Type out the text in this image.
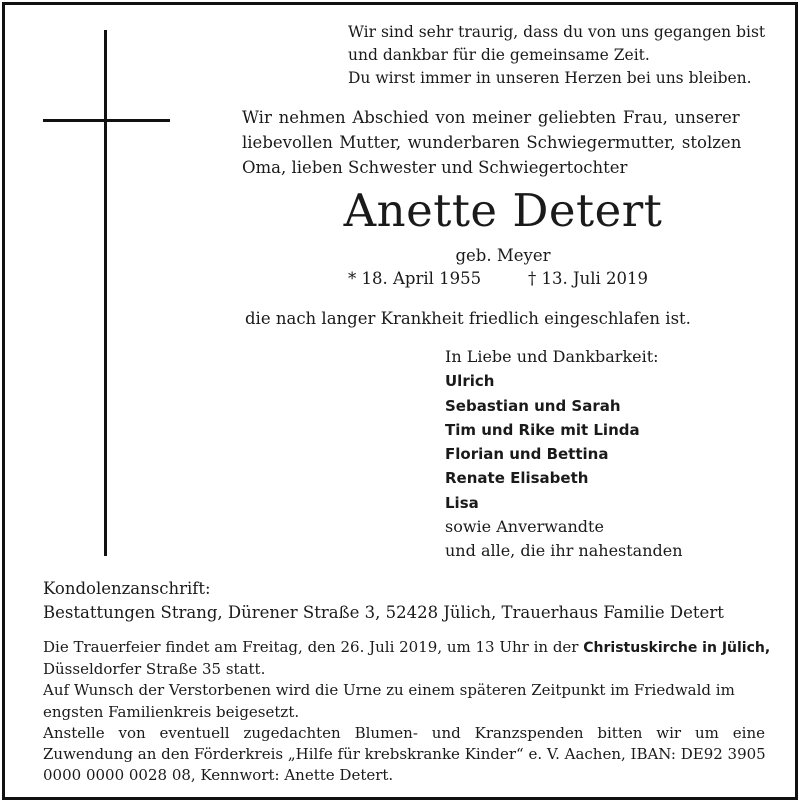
Wir sind sehr traurig, dass du von uns gegangen bist
und dankbar für die gemeinsame Zeit.
Du wirst immer in unseren Herzen bei uns bleiben.
Wir nehmen Abschied von meiner geliebten Frau, unserer
liebevollen Mutter, wunderbaren Schwiegermutter, stolzen
Oma, lieben Schwester und Schwiegertochter
Anette Detert
geb. Meyer
* 18. April 1955	† 13. Juli 2019
die nach langer Krankheit friedlich eingeschlafen ist.
In Liebe und Dankbarkeit:
Ulrich
Sebastian und Sarah
Tim und Rike mit Linda
Florian und Bettina
Renate Elisabeth
Lisa
sowie Anverwandte
und alle, die ihr nahestanden
Kondolenzanschrift:
Bestattungen Strang, Dürener Straße 3, 52428 Jülich, Trauerhaus Familie Detert
Die Trauerfeier findet am Freitag, den 26. Juli 2019, um 13 Uhr in der Christuskirche in Jülich,
Düsseldorfer Straße 35 statt.
Auf Wunsch der Verstorbenen wird die Urne zu einem späteren Zeitpunkt im Friedwald im
engsten Familienkreis beigesetzt.
Anstelle von eventuell zugedachten Blumen- und Kranzspenden bitten wir um eine
Zuwendung an den Förderkreis „Hilfe für krebskranke Kinder“ e. V. Aachen, IBAN: DE92 3905
0000 0000 0028 08, Kennwort: Anette Detert.
